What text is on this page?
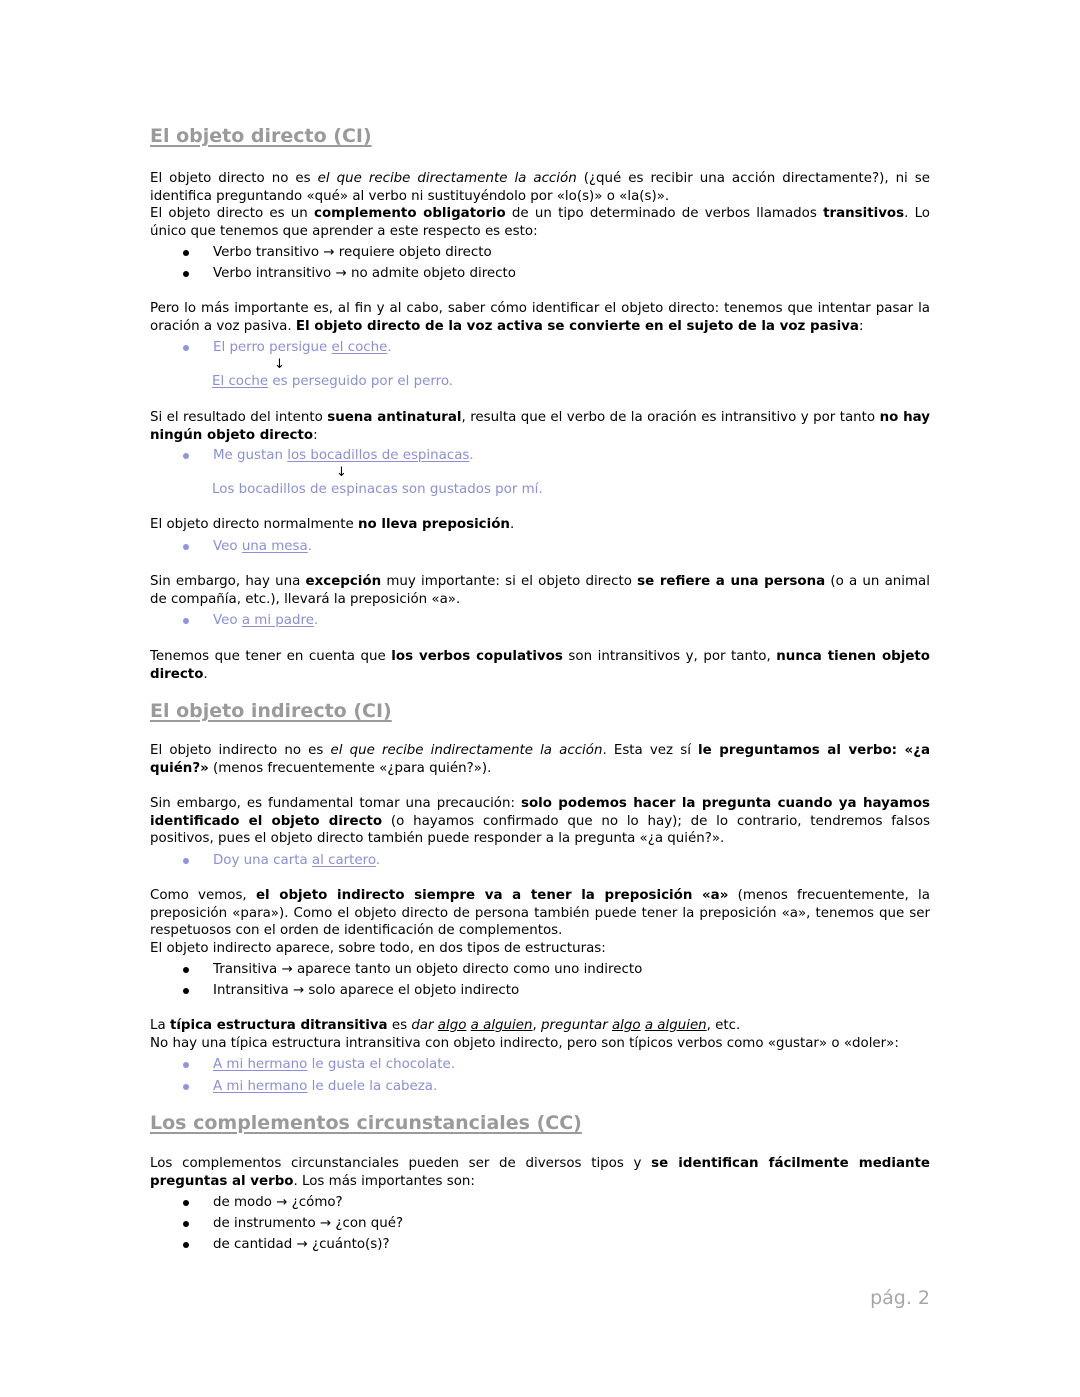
El objeto directo (CI)
El objeto directo no es el que recibe directamente la acción (¿qué es recibir una acción directamente?), ni se identifica preguntando «qué» al verbo ni sustituyéndolo por «lo(s)» o «la(s)».
El objeto directo es un complemento obligatorio de un tipo determinado de verbos llamados transitivos. Lo único que tenemos que aprender a este respecto es esto:
Verbo transitivo → requiere objeto directo
Verbo intransitivo → no admite objeto directo
Pero lo más importante es, al fin y al cabo, saber cómo identificar el objeto directo: tenemos que intentar pasar la oración a voz pasiva. El objeto directo de la voz activa se convierte en el sujeto de la voz pasiva:
El perro persigue el coche.
↓
El coche es perseguido por el perro.
Si el resultado del intento suena antinatural, resulta que el verbo de la oración es intransitivo y por tanto no hay ningún objeto directo:
Me gustan los bocadillos de espinacas.
↓
Los bocadillos de espinacas son gustados por mí.
El objeto directo normalmente no lleva preposición.
Veo una mesa.
Sin embargo, hay una excepción muy importante: si el objeto directo se refiere a una persona (o a un animal de compañía, etc.), llevará la preposición «a».
Veo a mi padre.
Tenemos que tener en cuenta que los verbos copulativos son intransitivos y, por tanto, nunca tienen objeto directo.
El objeto indirecto (CI)
El objeto indirecto no es el que recibe indirectamente la acción. Esta vez sí le preguntamos al verbo: «¿a quién?» (menos frecuentemente «¿para quién?»).
Sin embargo, es fundamental tomar una precaución: solo podemos hacer la pregunta cuando ya hayamos identificado el objeto directo (o hayamos confirmado que no lo hay); de lo contrario, tendremos falsos positivos, pues el objeto directo también puede responder a la pregunta «¿a quién?».
Doy una carta al cartero.
Como vemos, el objeto indirecto siempre va a tener la preposición «a» (menos frecuentemente, la preposición «para»). Como el objeto directo de persona también puede tener la preposición «a», tenemos que ser respetuosos con el orden de identificación de complementos.
El objeto indirecto aparece, sobre todo, en dos tipos de estructuras:
Transitiva → aparece tanto un objeto directo como uno indirecto
Intransitiva → solo aparece el objeto indirecto
La típica estructura ditransitiva es dar algo a alguien, preguntar algo a alguien, etc.
No hay una típica estructura intransitiva con objeto indirecto, pero son típicos verbos como «gustar» o «doler»:
A mi hermano le gusta el chocolate.
A mi hermano le duele la cabeza.
Los complementos circunstanciales (CC)
Los complementos circunstanciales pueden ser de diversos tipos y se identifican fácilmente mediante preguntas al verbo. Los más importantes son:
de modo → ¿cómo?
de instrumento → ¿con qué?
de cantidad → ¿cuánto(s)?
pág. 2
